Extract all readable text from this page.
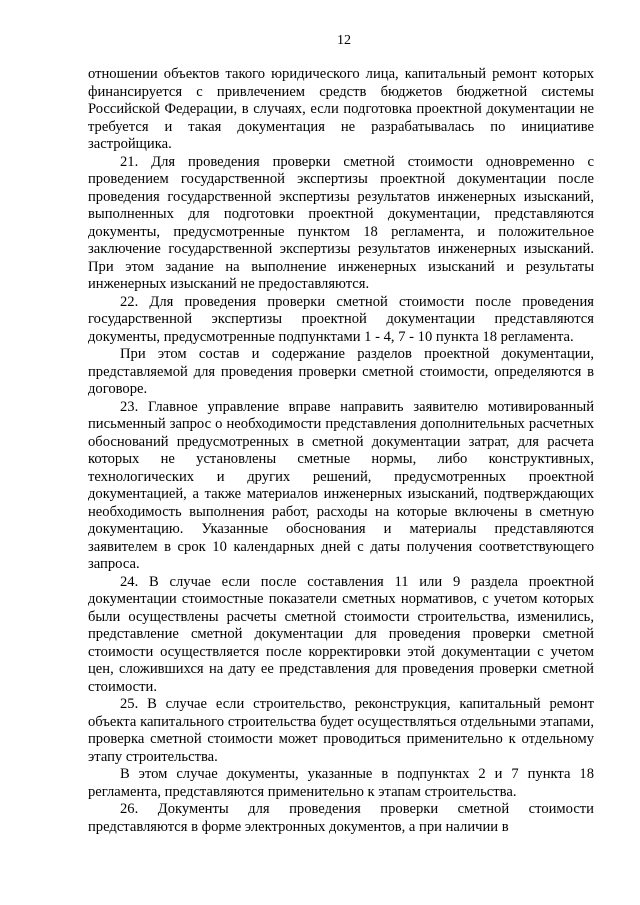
12

отношении объектов такого юридического лица, капитальный ремонт которых финансируется с привлечением средств бюджетов бюджетной системы Российской Федерации, в случаях, если подготовка проектной документации не требуется и такая документация не разрабатывалась по инициативе застройщика.

21. Для проведения проверки сметной стоимости одновременно с проведением государственной экспертизы проектной документации после проведения государственной экспертизы результатов инженерных изысканий, выполненных для подготовки проектной документации, представляются документы, предусмотренные пунктом 18 регламента, и положительное заключение государственной экспертизы результатов инженерных изысканий. При этом задание на выполнение инженерных изысканий и результаты инженерных изысканий не предоставляются.

22. Для проведения проверки сметной стоимости после проведения государственной экспертизы проектной документации представляются документы, предусмотренные подпунктами 1 - 4, 7 - 10 пункта 18 регламента.

При этом состав и содержание разделов проектной документации, представляемой для проведения проверки сметной стоимости, определяются в договоре.

23. Главное управление вправе направить заявителю мотивированный письменный запрос о необходимости представления дополнительных расчетных обоснований предусмотренных в сметной документации затрат, для расчета которых не установлены сметные нормы, либо конструктивных, технологических и других решений, предусмотренных проектной документацией, а также материалов инженерных изысканий, подтверждающих необходимость выполнения работ, расходы на которые включены в сметную документацию. Указанные обоснования и материалы представляются заявителем в срок 10 календарных дней с даты получения соответствующего запроса.

24. В случае если после составления 11 или 9 раздела проектной документации стоимостные показатели сметных нормативов, с учетом которых были осуществлены расчеты сметной стоимости строительства, изменились, представление сметной документации для проведения проверки сметной стоимости осуществляется после корректировки этой документации с учетом цен, сложившихся на дату ее представления для проведения проверки сметной стоимости.

25. В случае если строительство, реконструкция, капитальный ремонт объекта капитального строительства будет осуществляться отдельными этапами, проверка сметной стоимости может проводиться применительно к отдельному этапу строительства.

В этом случае документы, указанные в подпунктах 2 и 7 пункта 18 регламента, представляются применительно к этапам строительства.

26. Документы для проведения проверки сметной стоимости представляются в форме электронных документов, а при наличии в
